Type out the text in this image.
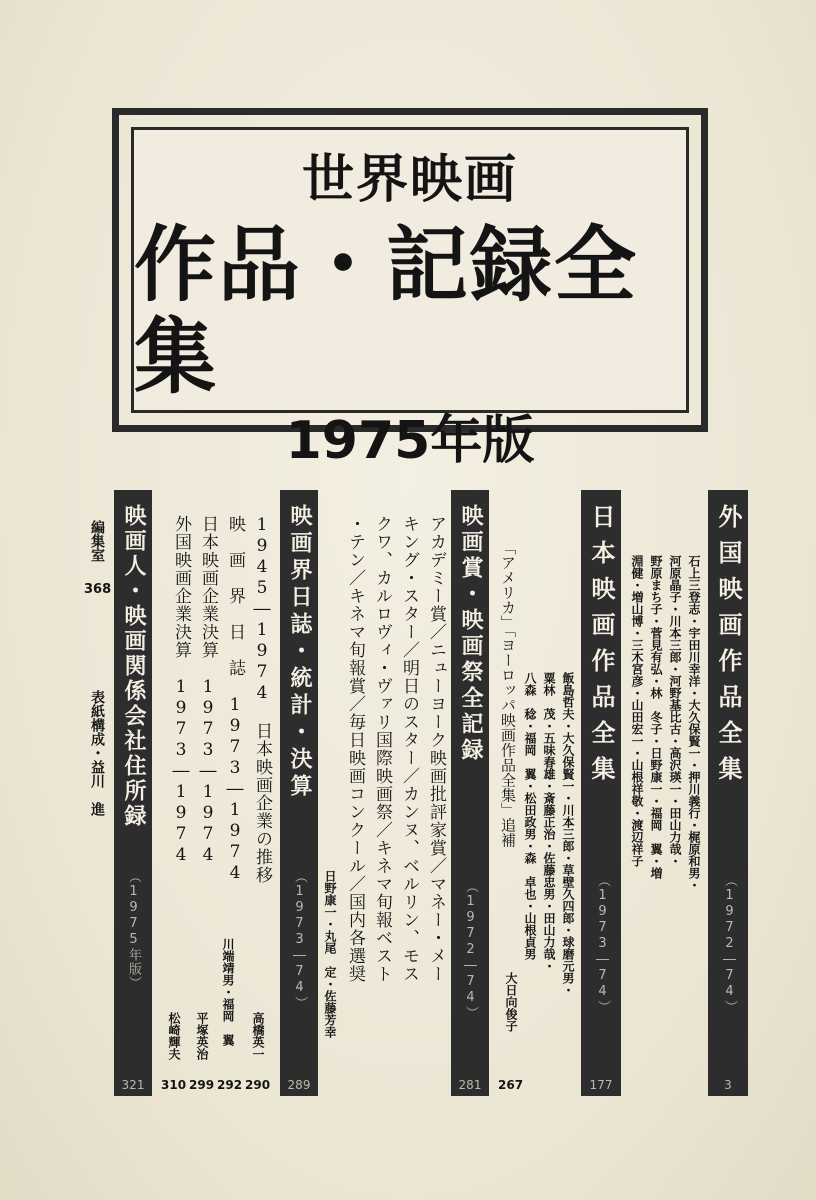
世界映画
作品・記録全集
1975年版
外国映画作品全集
（1972―74）
3
石上三登志・宇田川幸洋・大久保賢一・押川義行・梶原和男・
河原晶子・川本三郎・河野基比古・高沢瑛一・田山力哉・
野原まち子・菅見有弘・林　冬子・日野康一・福岡　翼・増
淵健・増山博・三木宮彦・山田宏一・山根祥敬・渡辺祥子
日本映画作品全集
（1973―74）
177
飯島哲夫・大久保賢一・川本三郎・草壁久四郎・球磨元男・
粟林　茂・五味春雄・斎藤正治・佐藤忠男・田山力哉・
八森　稔・福岡　翼・松田政男・森　卓也・山根貞男
大日向俊子
「アメリカ」「ヨーロッパ映画作品全集」追補
267
映画賞・映画祭全記録
（1972―74）
281
アカデミー賞／ニューヨーク映画批評家賞／マネー・メー
キング・スター／明日のスター／カンヌ、ベルリン、モス
クワ、カルロヴィ・ヴァリ国際映画祭／キネマ旬報ベスト
・テン／キネマ旬報賞／毎日映画コンクール／国内各選奨
日野康一・丸尾　定・佐藤芳幸
映画界日誌・統計・決算
（1973―74）
289
1945―1974　日本映画企業の推移
映　画　界　日　誌　1973―1974
日本映画企業決算　1973―1974
外国映画企業決算　1973―1974
高橋英一
川端靖男・福岡　翼
平塚英治
松崎輝夫
290
292
299
310
映画人・映画関係会社住所録
（1975年版）
321
編集室
368
表紙構成・益川　進
